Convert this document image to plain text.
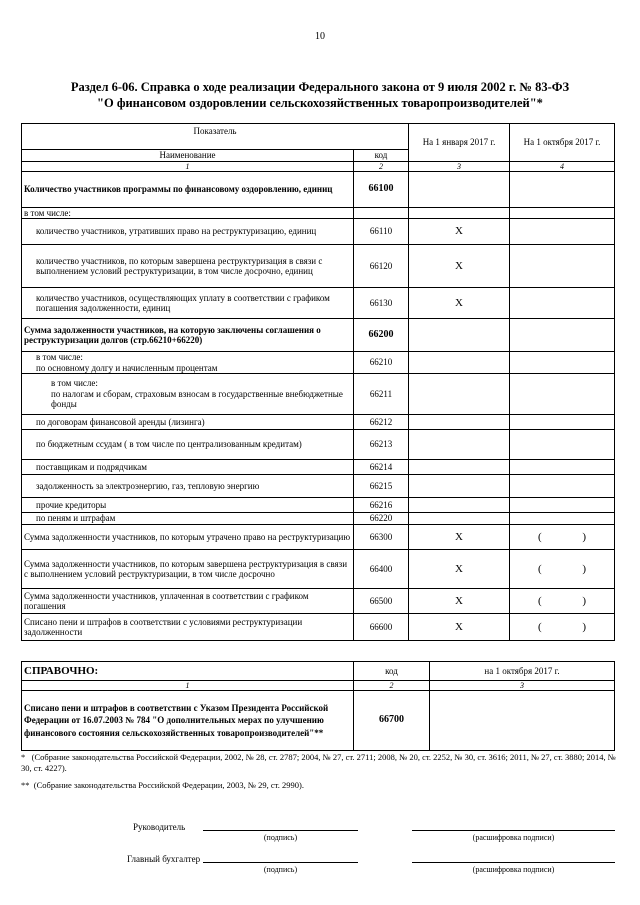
10
Раздел 6-06. Справка о ходе реализации Федерального закона от 9 июля 2002 г. № 83-ФЗ
"О финансовом оздоровлении сельскохозяйственных товаропроизводителей"*
Показатель		На 1 января 2017 г.	На 1 октября 2017 г.
Наименование	код		
1	2	3	4

Количество участников программы по финансовому оздоровлению, единиц	66100		

в том числе:			

количество участников, утративших право на реструктуризацию, единиц	66110	X	

количество участников, по которым завершена реструктуризация в связи с выполнением условий реструктуризации, в том числе досрочно, единиц	66120	X	

количество участников, осуществляющих уплату в соответствии с графиком погашения задолженности, единиц	66130	X	

Сумма задолженности участников, на которую заключены соглашения о реструктуризации долгов (стр.66210+66220)	66200		

в том числе:
по основному долгу и начисленным процентам	66210		

в том числе:
по налогам и сборам, страховым взносам в государственные внебюджетные фонды	66211		

по договорам финансовой аренды (лизинга)	66212		

по бюджетным ссудам ( в том числе по централизованным кредитам)	66213		

поставщикам и подрядчикам	66214		

задолженность за электроэнергию, газ, тепловую энергию	66215		

прочие кредиторы	66216		

по пеням и штрафам	66220		

Сумма задолженности участников, по которым утрачено право на реструктуризацию	66300	X	( )

Сумма задолженности участников, по которым завершена реструктуризация в связи с выполнением условий реструктуризации, в том числе досрочно	66400	X	( )

Сумма задолженности участников, уплаченная в соответствии с графиком погашения	66500	X	( )

Списано пени и штрафов в соответствии с условиями реструктуризации задолженности	66600	X	( )
СПРАВОЧНО:	код	на 1 октября 2017 г.
1	2	3
Списано пени и штрафов в соответствии с Указом Президента Российской Федерации от 16.07.2003 № 784 "О дополнительных мерах по улучшению финансового состояния сельскохозяйственных товаропроизводителей"**	66700	
* (Собрание законодательства Российской Федерации, 2002, № 28, ст. 2787; 2004, № 27, ст. 2711; 2008, № 20, ст. 2252, № 30, ст. 3616; 2011, № 27, ст. 3880; 2014, № 30, ст. 4227).
** (Собрание законодательства Российской Федерации, 2003, № 29, ст. 2990).
Руководитель
(подпись)	(расшифровка подписи)
Главный бухгалтер
(подпись)	(расшифровка подписи)
